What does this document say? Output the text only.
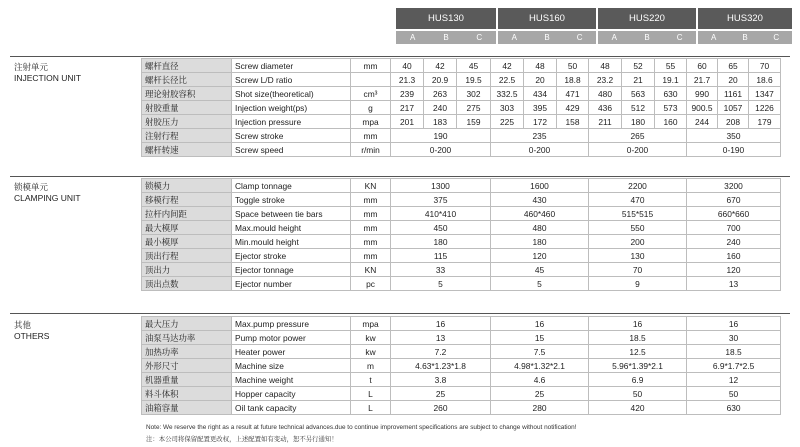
HUS130	HUS160	HUS220	HUS320
A	B	C	A	B	C	A	B	C	A	B	C
注射单元
INJECTION UNIT
锁模单元
CLAMPING UNIT
其他
OTHERS
螺杆直径	Screw diameter	mm	40	42	45	42	48	50	48	52	55	60	65	70
螺杆长径比	Screw L/D ratio		21.3	20.9	19.5	22.5	20	18.8	23.2	21	19.1	21.7	20	18.6
理论射胶容积	Shot size(theoretical)	cm³	239	263	302	332.5	434	471	480	563	630	990	1161	1347
射胶重量	Injection weight(ps)	g	217	240	275	303	395	429	436	512	573	900.5	1057	1226
射胶压力	Injection pressure	mpa	201	183	159	225	172	158	211	180	160	244	208	179
注射行程	Screw stroke	mm	190			235			265			350		
螺杆转速	Screw speed	r/min	0-200			0-200			0-200			0-190		
锁模力	Clamp tonnage	KN	1300	1600	2200	3200
移模行程	Toggle stroke	mm	375	430	470	670
拉杆内间距	Space between tie bars	mm	410*410	460*460	515*515	660*660
最大模厚	Max.mould height	mm	450	480	550	700
最小模厚	Min.mould height	mm	180	180	200	240
顶出行程	Ejector stroke	mm	115	120	130	160
顶出力	Ejector tonnage	KN	33	45	70	120
顶出点数	Ejector number	pc	5	5	9	13
最大压力	Max.pump pressure	mpa	16	16	16	16
油泵马达功率	Pump motor power	kw	13	15	18.5	30
加热功率	Heater power	kw	7.2	7.5	12.5	18.5
外形尺寸	Machine size	m	4.63*1.23*1.8	4.98*1.32*2.1	5.96*1.39*2.1	6.9*1.7*2.5
机器重量	Machine weight	t	3.8	4.6	6.9	12
料斗体积	Hopper capacity	L	25	25	50	50
油箱容量	Oil tank capacity	L	260	280	420	630
Note: We reserve the right as a result at future technical advances.due to continue improvement specifications are subject to change without notification!
注：本公司将保留配置更改权，上述配置如有变动，恕不另行通知！
